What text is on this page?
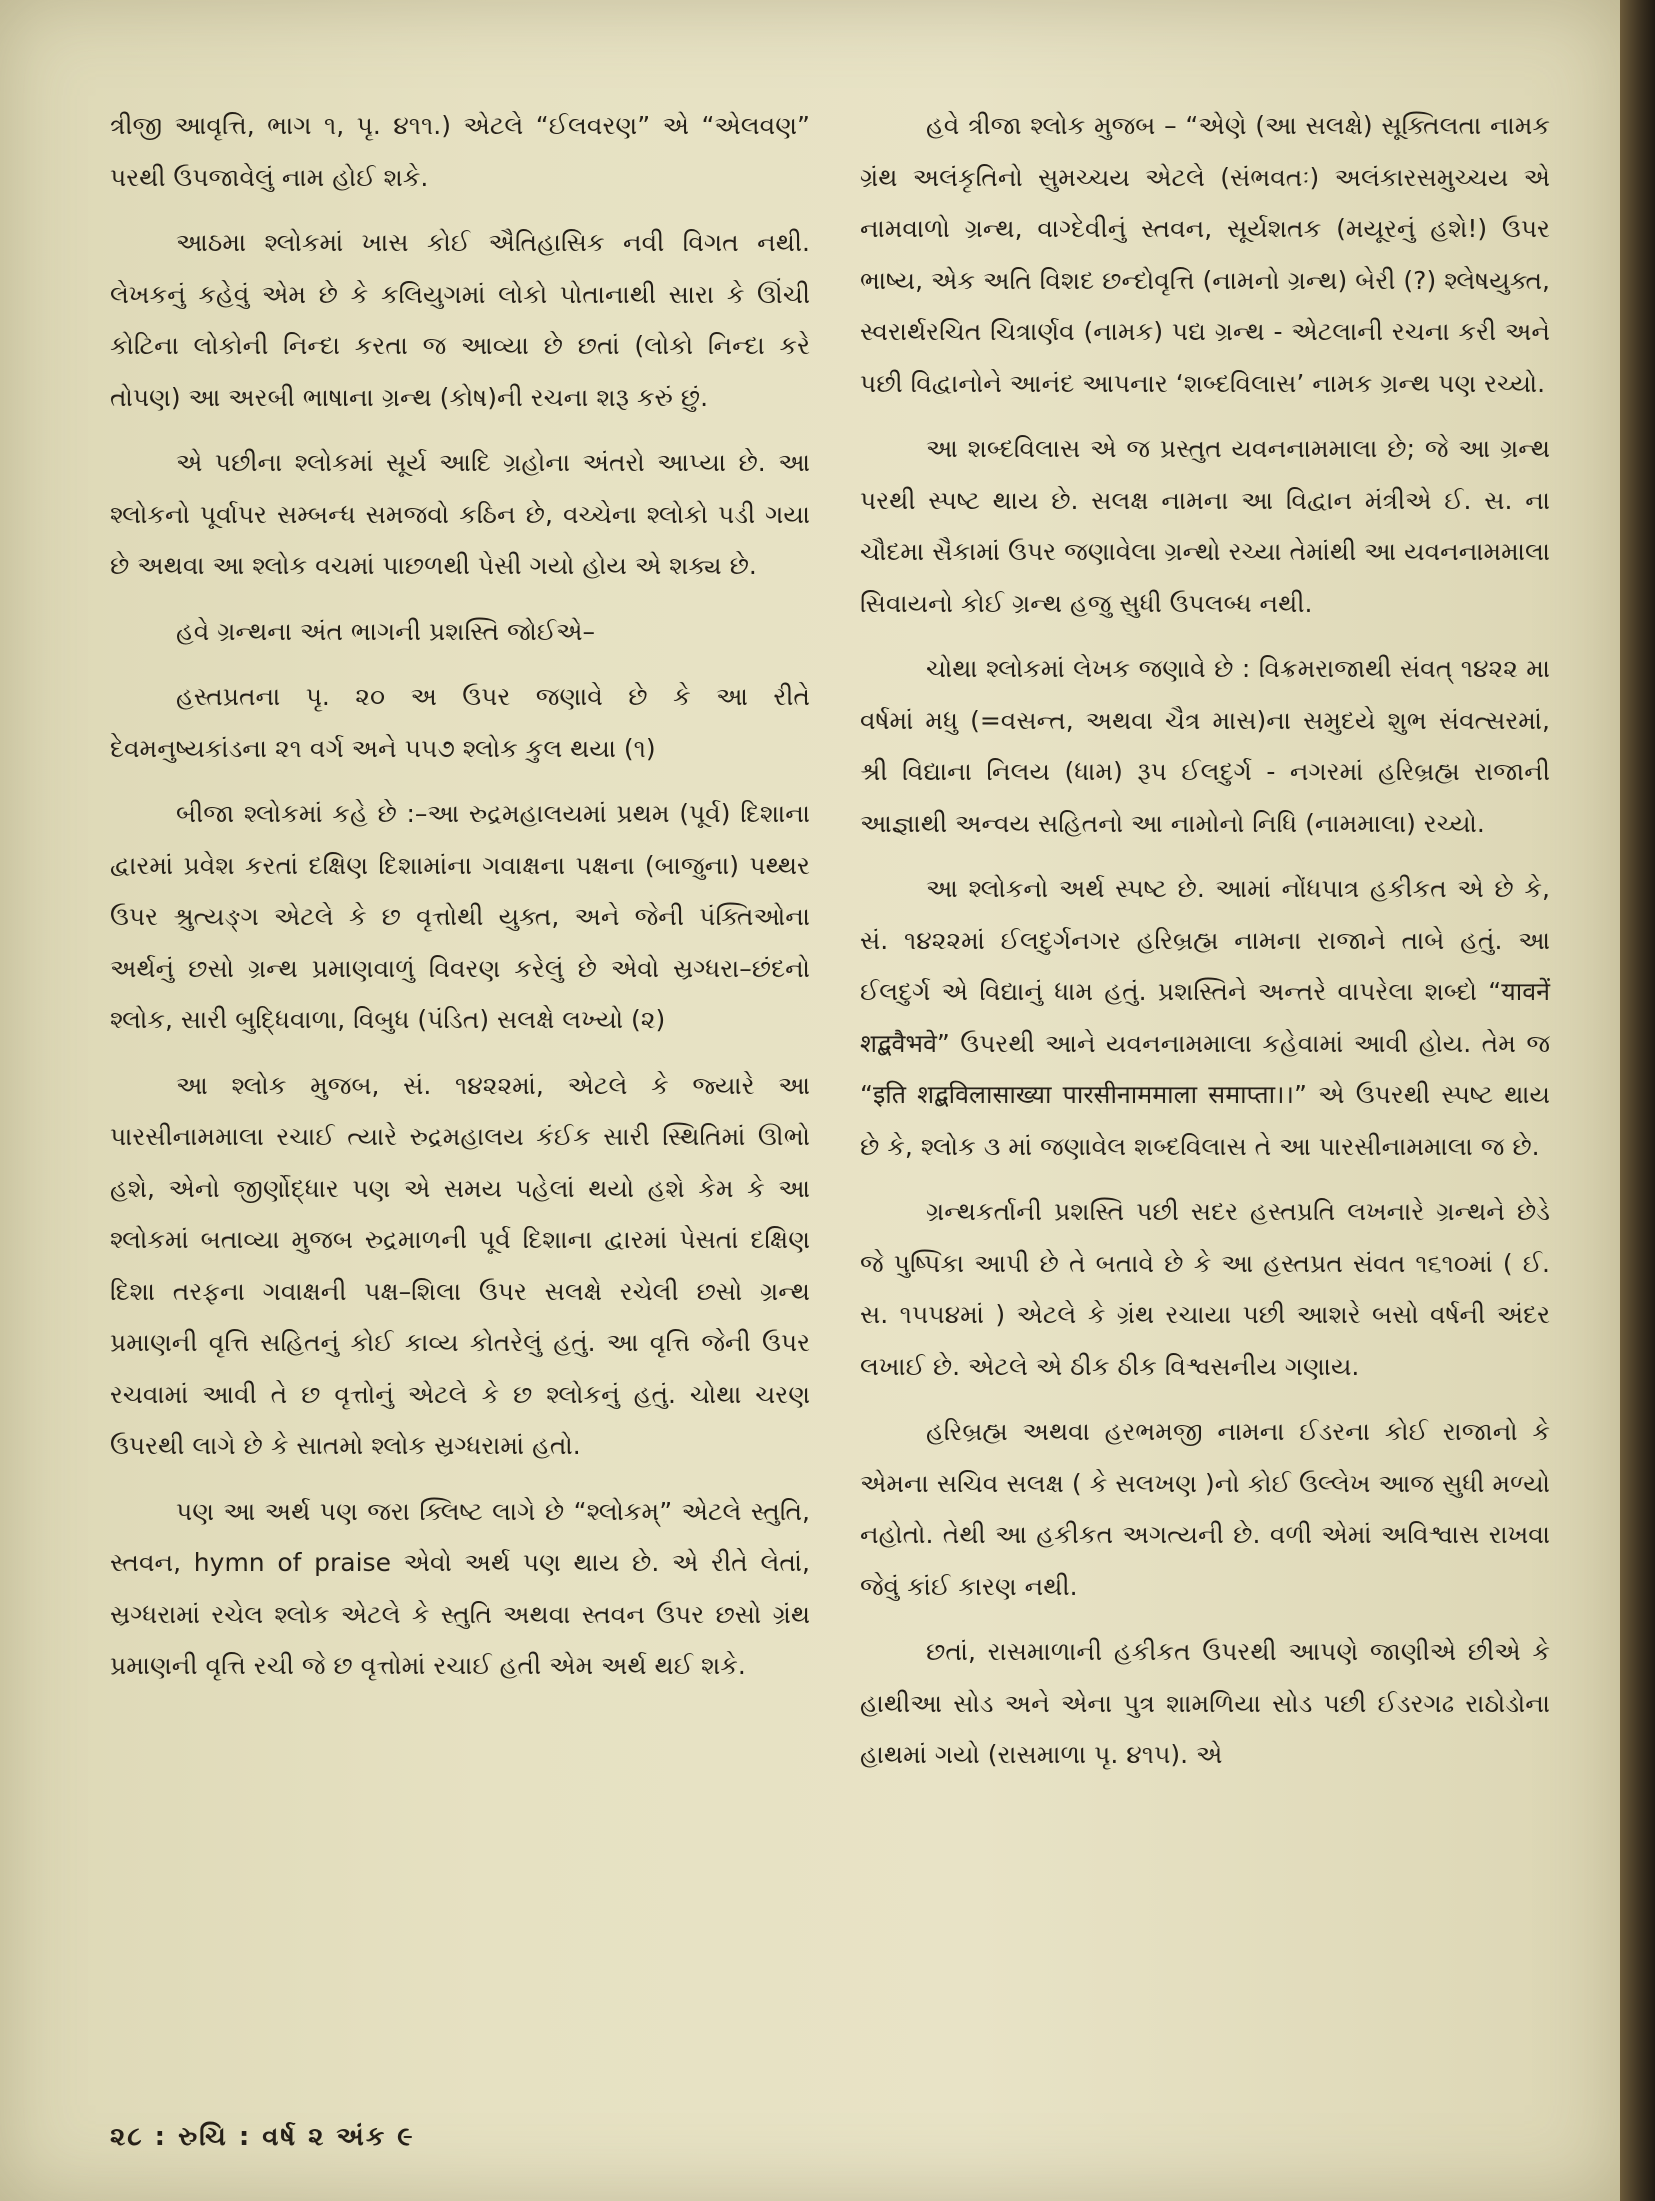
ત્રીજી આવૃત્તિ, ભાગ ૧, પૃ. ૪૧૧.) એટલે “ઈલવરણ” એ “એલવણ” પરથી ઉપજાવેલું નામ હોઈ શકે.

આઠમા શ્લોકમાં ખાસ કોઈ ઐતિહાસિક નવી વિગત નથી. લેખકનું કહેવું એમ છે કે કલિયુગમાં લોકો પોતાનાથી સારા કે ઊંચી કોટિના લોકોની નિન્દા કરતા જ આવ્યા છે છતાં (લોકો નિન્દા કરે તોપણ) આ અરબી ભાષાના ગ્રન્થ (કોષ)ની રચના શરૂ કરું છું.

એ પછીના શ્લોકમાં સૂર્ય આદિ ગ્રહોના અંતરો આપ્યા છે. આ શ્લોકનો પૂર્વાપર સમ્બન્ધ સમજવો કઠિન છે, વચ્ચેના શ્લોકો પડી ગયા છે અથવા આ શ્લોક વચમાં પાછળથી પેસી ગયો હોય એ શક્ય છે.

હવે ગ્રન્થના અંત ભાગની પ્રશસ્તિ જોઈએ–

હસ્તપ્રતના પૃ. ૨૦ અ ઉપર જણાવે છે કે આ રીતે દેવમનુષ્યકાંડના ૨૧ વર્ગ અને ૫૫૭ શ્લોક કુલ થયા (૧)

બીજા શ્લોકમાં કહે છે :–આ રુદ્રમહાલયમાં પ્રથમ (પૂર્વ) દિશાના દ્વારમાં પ્રવેશ કરતાં દક્ષિણ દિશામાંના ગવાક્ષના પક્ષના (બાજુના) પથ્થર ઉપર શ્રુત્યઙ્ગ એટલે કે છ વૃત્તોથી યુક્ત, અને જેની પંક્તિઓના અર્થનું છસો ગ્રન્થ પ્રમાણવાળું વિવરણ કરેલું છે એવો સ્રગ્ધરા–છંદનો શ્લોક, સારી બુદ્ધિવાળા, વિબુધ (પંડિત) સલક્ષે લખ્યો (૨)

આ શ્લોક મુજબ, સં. ૧૪૨૨માં, એટલે કે જ્યારે આ પારસીનામમાલા રચાઈ ત્યારે રુદ્રમહાલય કંઈક સારી સ્થિતિમાં ઊભો હશે, એનો જીર્ણોદ્ધાર પણ એ સમય પહેલાં થયો હશે કેમ કે આ શ્લોકમાં બતાવ્યા મુજબ રુદ્રમાળની પૂર્વ દિશાના દ્વારમાં પેસતાં દક્ષિણ દિશા તરફના ગવાક્ષની પક્ષ–શિલા ઉપર સલક્ષે રચેલી છસો ગ્રન્થ પ્રમાણની વૃત્તિ સહિતનું કોઈ કાવ્ય કોતરેલું હતું. આ વૃત્તિ જેની ઉપર રચવામાં આવી તે છ વૃત્તોનું એટલે કે છ શ્લોકનું હતું. ચોથા ચરણ ઉપરથી લાગે છે કે સાતમો શ્લોક સ્રગ્ધરામાં હતો.

પણ આ અર્થ પણ જરા ક્લિષ્ટ લાગે છે “શ્લોકમ્” એટલે સ્તુતિ, સ્તવન, hymn of praise એવો અર્થ પણ થાય છે. એ રીતે લેતાં, સ્રગ્ધરામાં રચેલ શ્લોક એટલે કે સ્તુતિ અથવા સ્તવન ઉપર છસો ગ્રંથ પ્રમાણની વૃત્તિ રચી જે છ વૃત્તોમાં રચાઈ હતી એમ અર્થ થઈ શકે.

હવે ત્રીજા શ્લોક મુજબ – “એણે (આ સલક્ષે) સૂક્તિલતા નામક ગ્રંથ અલંકૃતિનો સુમચ્ચય એટલે (સંભવતઃ) અલંકારસમુચ્ચય એ નામવાળો ગ્રન્થ, વાગ્દેવીનું સ્તવન, સૂર્યશતક (મયૂરનું હશે!) ઉપર ભાષ્ય, એક અતિ વિશદ છન્દોવૃત્તિ (નામનો ગ્રન્થ) બેરી (?) શ્લેષયુક્ત, સ્વરાર્થરચિત ચિત્રાર્ણવ (નામક) પદ્ય ગ્રન્થ - એટલાની રચના કરી અને પછી વિદ્વાનોને આનંદ આપનાર ‘શબ્દવિલાસ’ નામક ગ્રન્થ પણ રચ્યો.

આ શબ્દવિલાસ એ જ પ્રસ્તુત યવનનામમાલા છે; જે આ ગ્રન્થ પરથી સ્પષ્ટ થાય છે. સલક્ષ નામના આ વિદ્વાન મંત્રીએ ઈ. સ. ના ચૌદમા સૈકામાં ઉપર જણાવેલા ગ્રન્થો રચ્યા તેમાંથી આ યવનનામમાલા સિવાયનો કોઈ ગ્રન્થ હજુ સુધી ઉપલબ્ધ નથી.

ચોથા શ્લોકમાં લેખક જણાવે છે : વિક્રમરાજાથી સંવત્ ૧૪૨૨ મા વર્ષમાં મધુ (=વસન્ત, અથવા ચૈત્ર માસ)ના સમુદયે શુભ સંવત્સરમાં, શ્રી વિદ્યાના નિલય (ધામ) રૂપ ઈલદુર્ગ - નગરમાં હરિબ્રહ્મ રાજાની આજ્ઞાથી અન્વય સહિતનો આ નામોનો નિધિ (નામમાલા) રચ્યો.

આ શ્લોકનો અર્થ સ્પષ્ટ છે. આમાં નોંધપાત્ર હકીકત એ છે કે, સં. ૧૪૨૨માં ઈલદુર્ગનગર હરિબ્રહ્મ નામના રાજાને તાબે હતું. આ ઈલદુર્ગ એ વિદ્યાનું ધામ હતું. પ્રશસ્તિને અન્તરે વાપરેલા શબ્દો “यावनें शद्बवैभवे” ઉપરથી આને યવનનામમાલા કહેવામાં આવી હોય. તેમ જ “इति शद्बविलासाख्या पारसीनाममाला समाप्ता।।” એ ઉપરથી સ્પષ્ટ થાય છે કે, શ્લોક ૩ માં જણાવેલ શબ્દવિલાસ તે આ પારસીનામમાલા જ છે.

ગ્રન્થકર્તાની પ્રશસ્તિ પછી સદર હસ્તપ્રતિ લખનારે ગ્રન્થને છેડે જે પુષ્પિકા આપી છે તે બતાવે છે કે આ હસ્તપ્રત સંવત ૧૬૧૦માં ( ઈ. સ. ૧૫૫૪માં ) એટલે કે ગ્રંથ રચાયા પછી આશરે બસો વર્ષની અંદર લખાઈ છે. એટલે એ ઠીક ઠીક વિશ્વસનીય ગણાય.

હરિબ્રહ્મ અથવા હરભમજી નામના ઈડરના કોઈ રાજાનો કે એમના સચિવ સલક્ષ ( કે સલખણ )નો કોઈ ઉલ્લેખ આજ સુધી મળ્યો નહોતો. તેથી આ હકીકત અગત્યની છે. વળી એમાં અવિશ્વાસ રાખવા જેવું કાંઈ કારણ નથી.

છતાં, રાસમાળાની હકીકત ઉપરથી આપણે જાણીએ છીએ કે હાથીઆ સોડ અને એના પુત્ર શામળિયા સોડ પછી ઈડરગઢ રાઠોડોના હાથમાં ગયો (રાસમાળા પૃ. ૪૧૫). એ

૨૮ : રુચિ : વર્ષ ૨ અંક ૯
